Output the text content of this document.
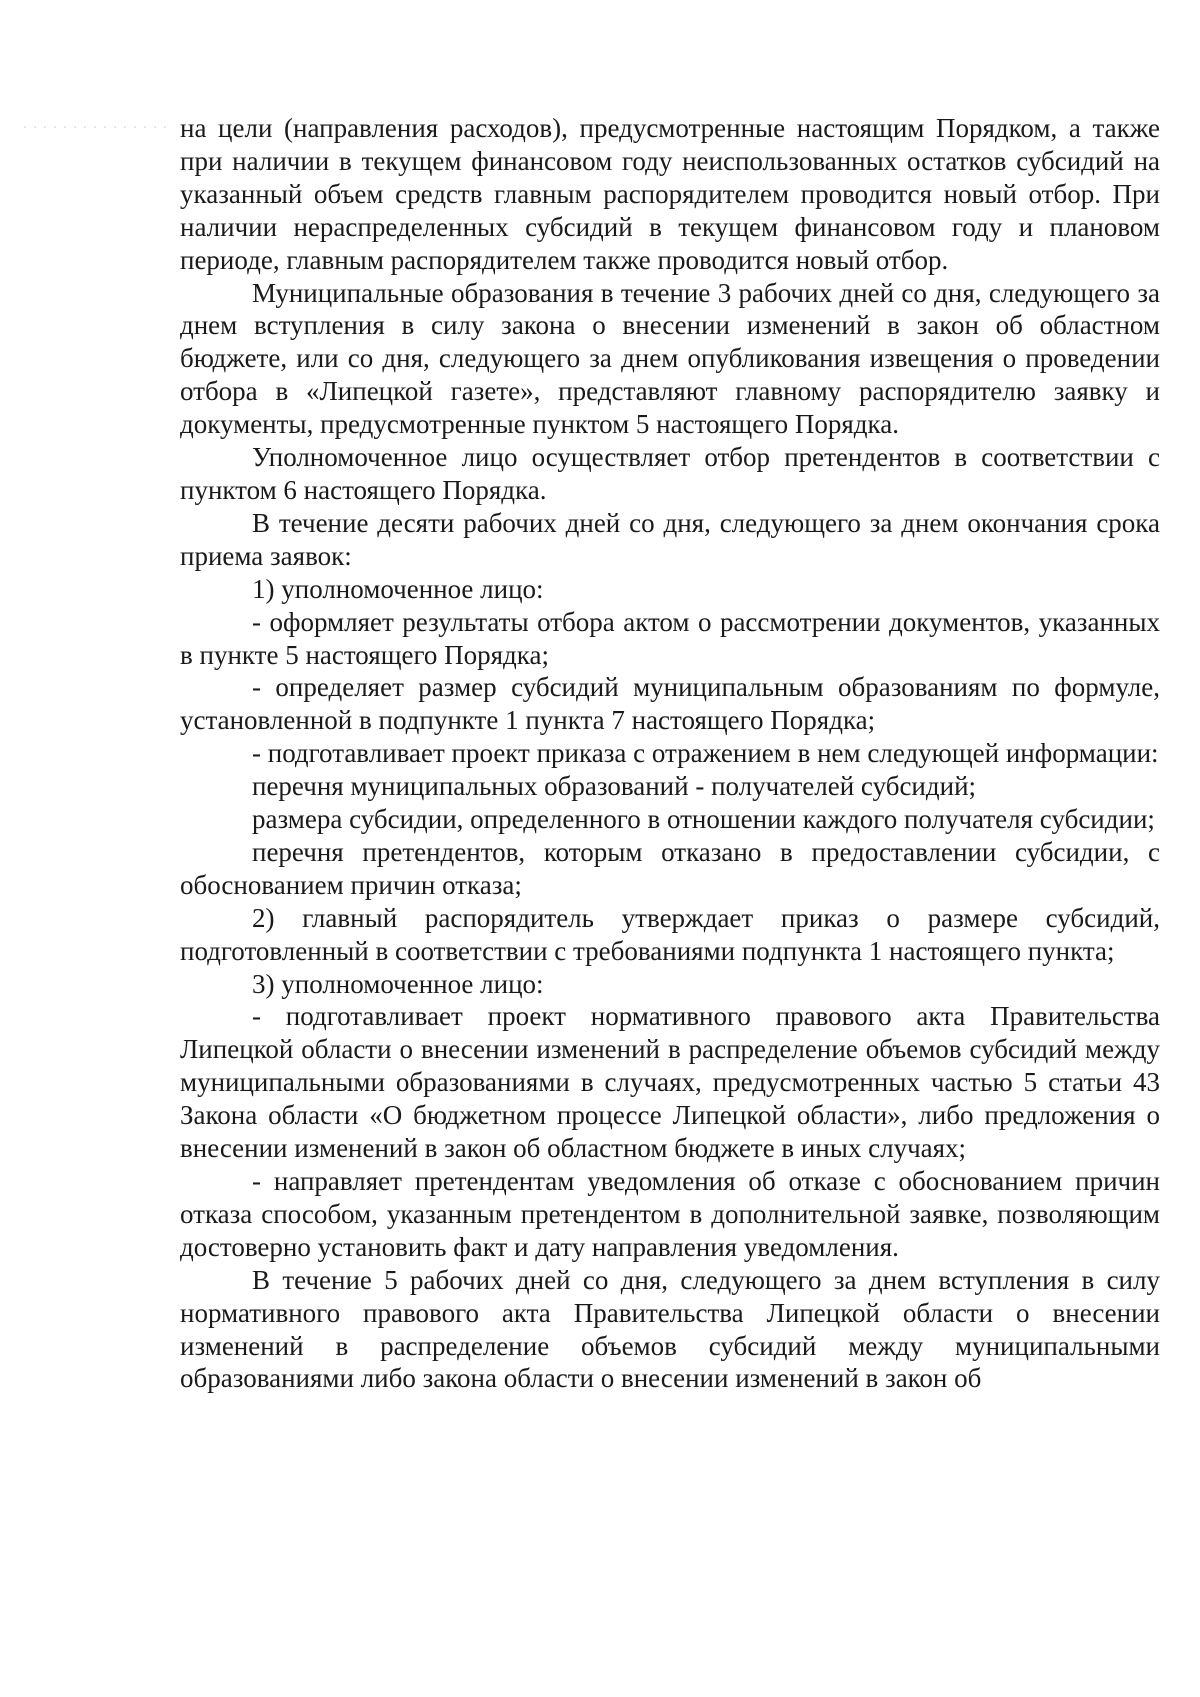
на цели (направления расходов), предусмотренные настоящим Порядком, а также при наличии в текущем финансовом году неиспользованных остатков субсидий на указанный объем средств главным распорядителем проводится новый отбор. При наличии нераспределенных субсидий в текущем финансовом году и плановом периоде, главным распорядителем также проводится новый отбор.

Муниципальные образования в течение 3 рабочих дней со дня, следующего за днем вступления в силу закона о внесении изменений в закон об областном бюджете, или со дня, следующего за днем опубликования извещения о проведении отбора в «Липецкой газете», представляют главному распорядителю заявку и документы, предусмотренные пунктом 5 настоящего Порядка.

Уполномоченное лицо осуществляет отбор претендентов в соответствии с пунктом 6 настоящего Порядка.

В течение десяти рабочих дней со дня, следующего за днем окончания срока приема заявок:

1) уполномоченное лицо:

- оформляет результаты отбора актом о рассмотрении документов, указанных в пункте 5 настоящего Порядка;

- определяет размер субсидий муниципальным образованиям по формуле, установленной в подпункте 1 пункта 7 настоящего Порядка;

- подготавливает проект приказа с отражением в нем следующей информации:

перечня муниципальных образований - получателей субсидий;

размера субсидии, определенного в отношении каждого получателя субсидии;

перечня претендентов, которым отказано в предоставлении субсидии, с обоснованием причин отказа;

2) главный распорядитель утверждает приказ о размере субсидий, подготовленный в соответствии с требованиями подпункта 1 настоящего пункта;

3) уполномоченное лицо:

- подготавливает проект нормативного правового акта Правительства Липецкой области о внесении изменений в распределение объемов субсидий между муниципальными образованиями в случаях, предусмотренных частью 5 статьи 43 Закона области «О бюджетном процессе Липецкой области», либо предложения о внесении изменений в закон об областном бюджете в иных случаях;

- направляет претендентам уведомления об отказе с обоснованием причин отказа способом, указанным претендентом в дополнительной заявке, позволяющим достоверно установить факт и дату направления уведомления.

В течение 5 рабочих дней со дня, следующего за днем вступления в силу нормативного правового акта Правительства Липецкой области о внесении изменений в распределение объемов субсидий между муниципальными образованиями либо закона области о внесении изменений в закон об
